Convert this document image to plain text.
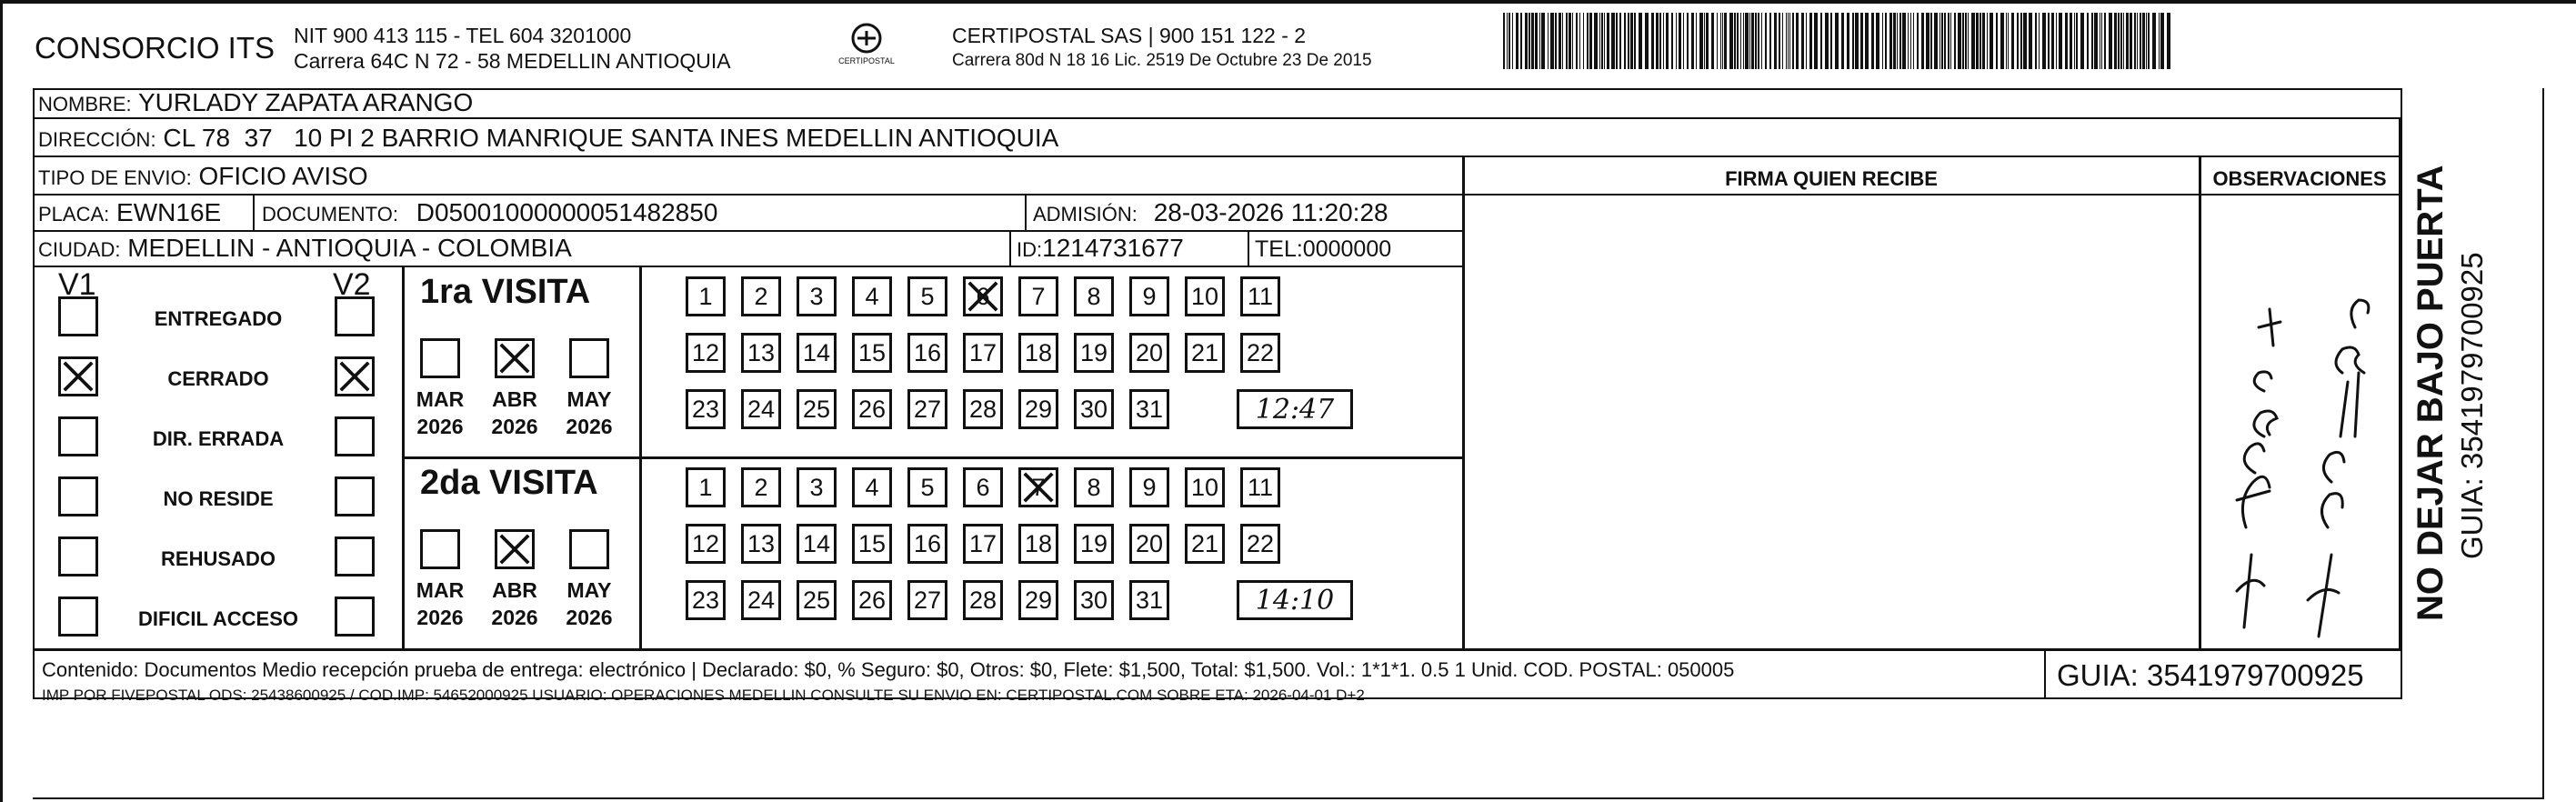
CONSORCIO ITS NIT 900 413 115 - TEL 604 3201000
Carrera 64C N 72 - 58 MEDELLIN ANTIOQUIA	CERTIPOSTAL
CERTIPOSTAL SAS | 900 151 122 - 2
Carrera 80d N 18 16 Lic. 2519 De Octubre 23 De 2015
NOMBRE: YURLADY ZAPATA ARANGO
DIRECCIÓN: CL 78  37   10 PI 2 BARRIO MANRIQUE SANTA INES MEDELLIN ANTIOQUIA
TIPO DE ENVIO: OFICIO AVISO	FIRMA QUIEN RECIBE	OBSERVACIONES
PLACA: EWN16E DOCUMENTO: D05001000000051482850	ADMISIÓN: 28-03-2026 11:20:28
CIUDAD: MEDELLIN - ANTIOQUIA - COLOMBIA	ID:1214731677	TEL:0000000
V1	V2
ENTREGADO
CERRADO
DIR. ERRADA
NO RESIDE
REHUSADO
DIFICIL ACCESO
1ra VISITA
MAR
2026
ABR
2026
MAY
2026
1 2 3 4 5 6 7 8 9 10 11
12 13 14 15 16 17 18 19 20 21 22
23 24 25 26 27 28 29 30 31	12:47
2da VISITA
MAR
2026
ABR
2026
MAY
2026
1 2 3 4 5 6 7 8 9 10 11
12 13 14 15 16 17 18 19 20 21 22
23 24 25 26 27 28 29 30 31	14:10	NO DEJAR BAJO PUERTA GUIA: 3541979700925
Contenido: Documentos Medio recepción prueba de entrega: electrónico | Declarado: $0, % Seguro: $0, Otros: $0, Flete: $1,500, Total: $1,500. Vol.: 1*1*1. 0.5 1 Unid. COD. POSTAL: 050005
IMP POR FIVEPOSTAL ODS: 25438600925 / COD.IMP: 54652000925 USUARIO: OPERACIONES MEDELLIN CONSULTE SU ENVIO EN: CERTIPOSTAL.COM SOBRE ETA: 2026-04-01 D+2
GUIA: 3541979700925
